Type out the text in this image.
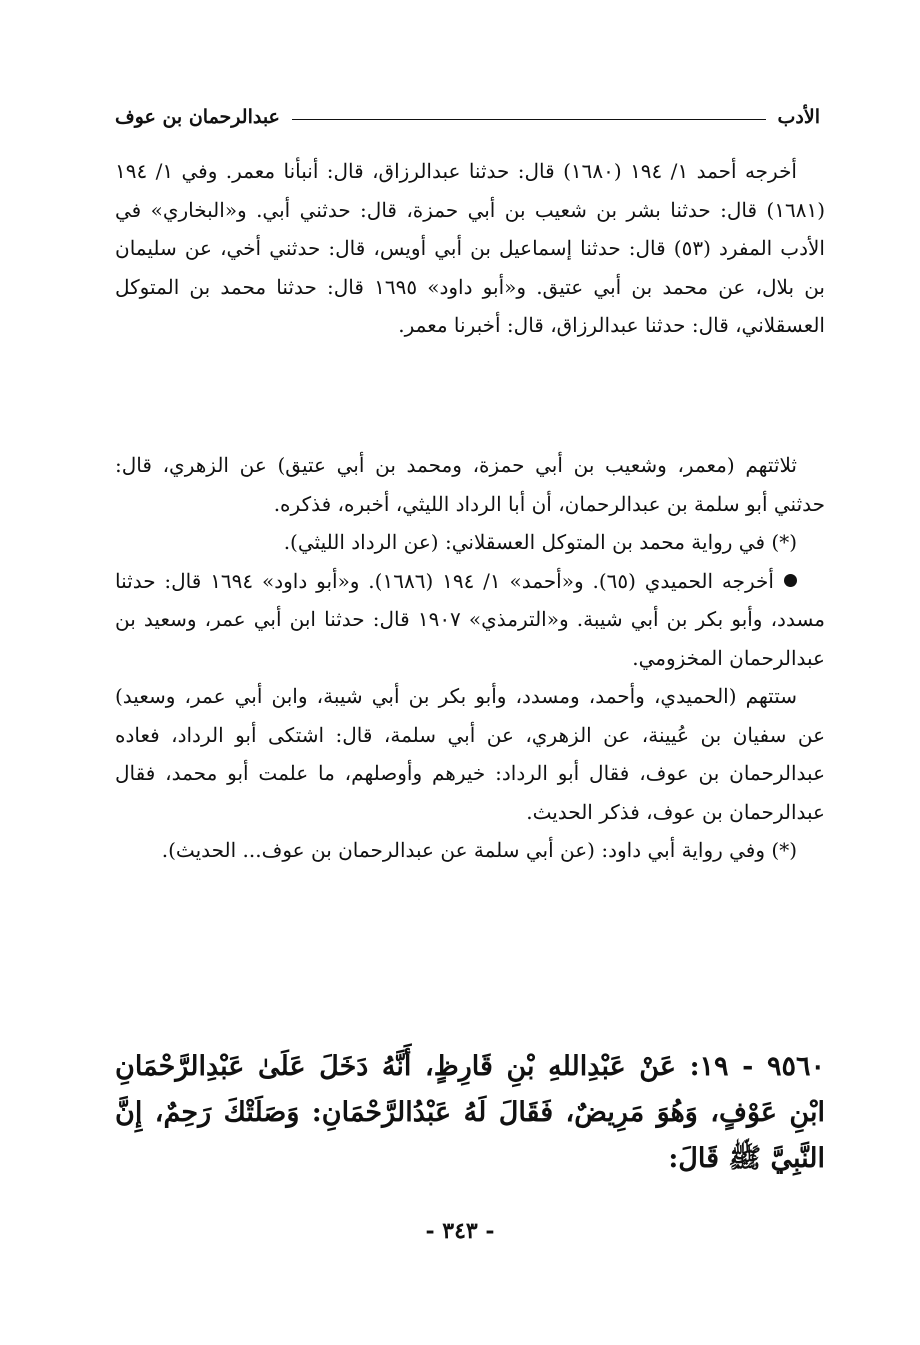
الأدب
عبدالرحمان بن عوف

أخرجه أحمد ١/ ١٩٤ (١٦٨٠) قال: حدثنا عبدالرزاق، قال: أنبأنا معمر. وفي ١/ ١٩٤ (١٦٨١) قال: حدثنا بشر بن شعيب بن أبي حمزة، قال: حدثني أبي. و«البخاري» في الأدب المفرد (٥٣) قال: حدثنا إسماعيل بن أبي أويس، قال: حدثني أخي، عن سليمان بن بلال، عن محمد بن أبي عتيق. و«أبو داود» ١٦٩٥ قال: حدثنا محمد بن المتوكل العسقلاني، قال: حدثنا عبدالرزاق، قال: أخبرنا معمر.

ثلاثتهم (معمر، وشعيب بن أبي حمزة، ومحمد بن أبي عتيق) عن الزهري، قال: حدثني أبو سلمة بن عبدالرحمان، أن أبا الرداد الليثي، أخبره، فذكره.

(*) في رواية محمد بن المتوكل العسقلاني: (عن الرداد الليثي).

أخرجه الحميدي (٦٥). و«أحمد» ١/ ١٩٤ (١٦٨٦). و«أبو داود» ١٦٩٤ قال: حدثنا مسدد، وأبو بكر بن أبي شيبة. و«الترمذي» ١٩٠٧ قال: حدثنا ابن أبي عمر، وسعيد بن عبدالرحمان المخزومي.

ستتهم (الحميدي، وأحمد، ومسدد، وأبو بكر بن أبي شيبة، وابن أبي عمر، وسعيد) عن سفيان بن عُيينة، عن الزهري، عن أبي سلمة، قال: اشتكى أبو الرداد، فعاده عبدالرحمان بن عوف، فقال أبو الرداد: خيرهم وأوصلهم، ما علمت أبو محمد، فقال عبدالرحمان بن عوف، فذكر الحديث.

(*) وفي رواية أبي داود: (عن أبي سلمة عن عبدالرحمان بن عوف... الحديث).

٩٥٦٠ - ١٩: عَنْ عَبْدِاللهِ بْنِ قَارِظٍ، أَنَّهُ دَخَلَ عَلَىٰ عَبْدِالرَّحْمَانِ ابْنِ عَوْفٍ، وَهُوَ مَرِيضٌ، فَقَالَ لَهُ عَبْدُالرَّحْمَانِ: وَصَلَتْكَ رَحِمٌ، إِنَّ النَّبِيَّ ﷺ قَالَ:
- ٣٤٣ -
